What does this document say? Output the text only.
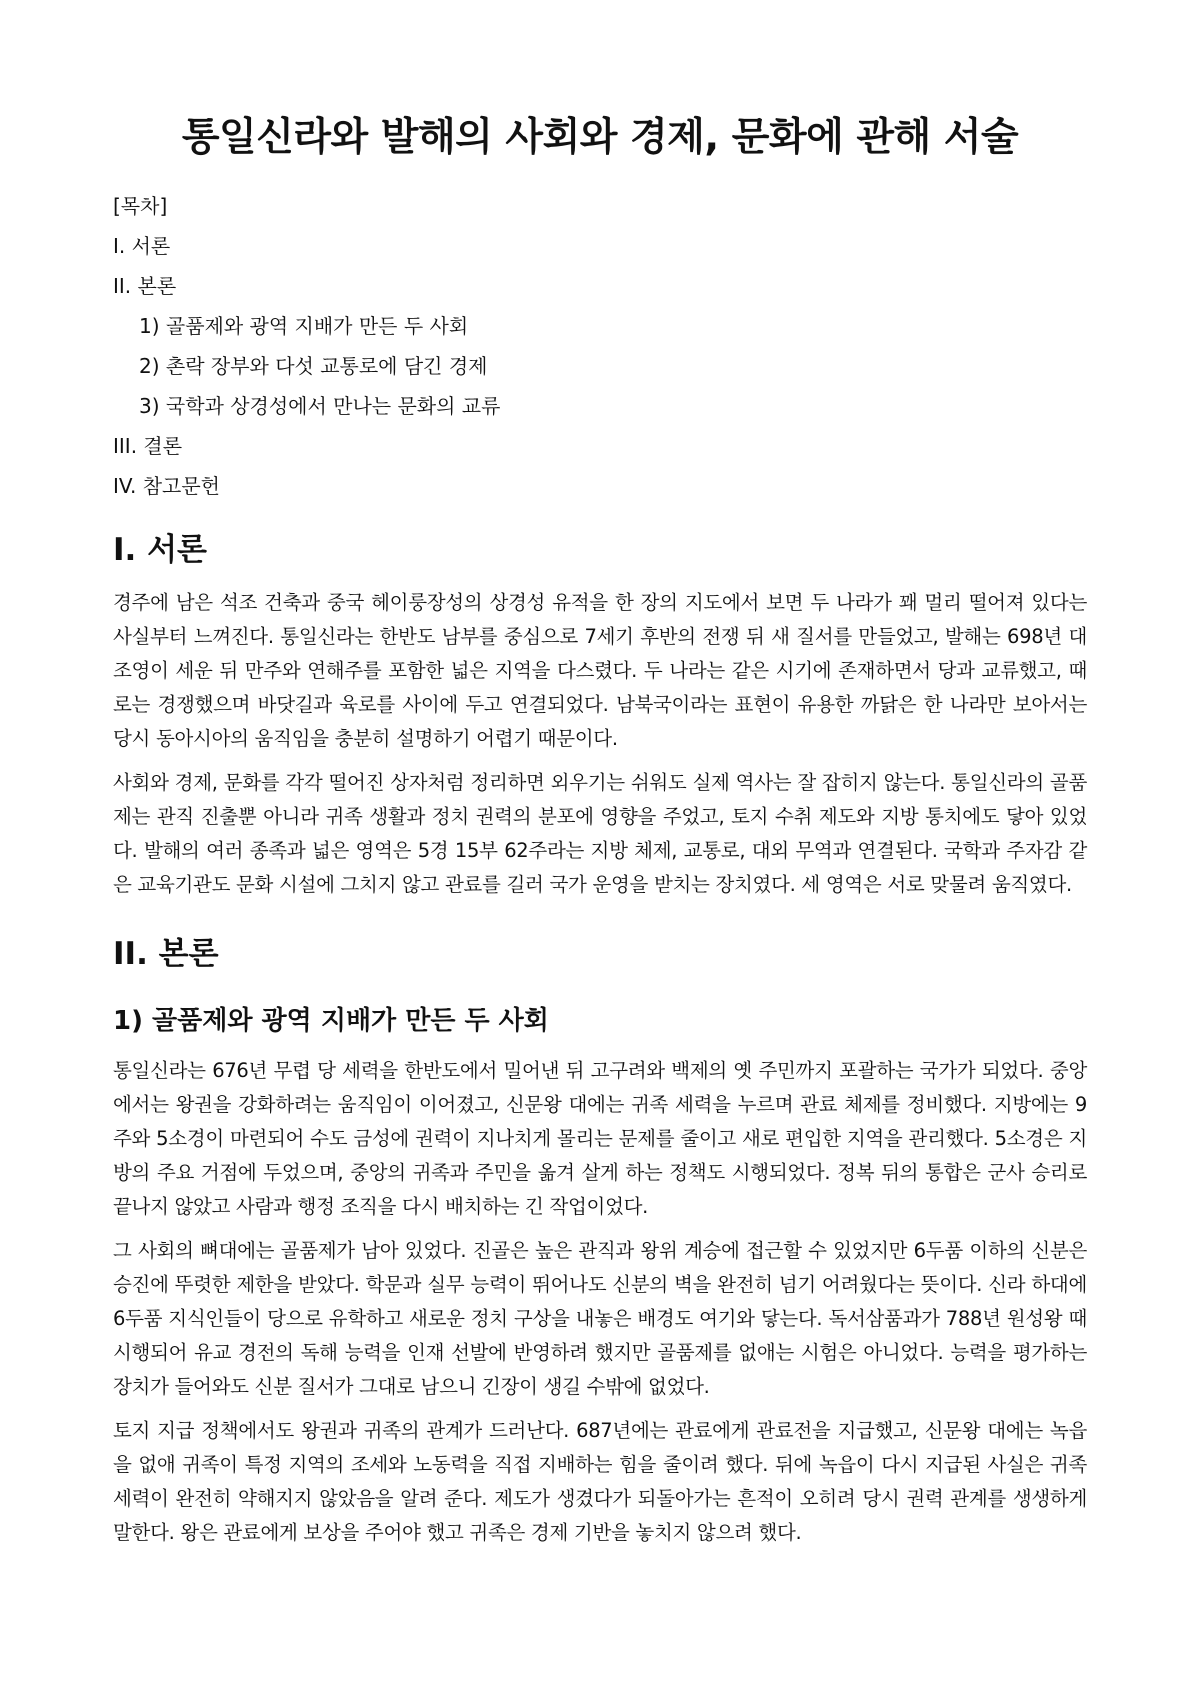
통일신라와 발해의 사회와 경제, 문화에 관해 서술
[목차]
I. 서론
II. 본론
1) 골품제와 광역 지배가 만든 두 사회
2) 촌락 장부와 다섯 교통로에 담긴 경제
3) 국학과 상경성에서 만나는 문화의 교류
III. 결론
IV. 참고문헌
I. 서론

경주에 남은 석조 건축과 중국 헤이룽장성의 상경성 유적을 한 장의 지도에서 보면 두 나라가 꽤 멀리 떨어져 있다는 사실부터 느껴진다. 통일신라는 한반도 남부를 중심으로 7세기 후반의 전쟁 뒤 새 질서를 만들었고, 발해는 698년 대조영이 세운 뒤 만주와 연해주를 포함한 넓은 지역을 다스렸다. 두 나라는 같은 시기에 존재하면서 당과 교류했고, 때로는 경쟁했으며 바닷길과 육로를 사이에 두고 연결되었다. 남북국이라는 표현이 유용한 까닭은 한 나라만 보아서는 당시 동아시아의 움직임을 충분히 설명하기 어렵기 때문이다.

사회와 경제, 문화를 각각 떨어진 상자처럼 정리하면 외우기는 쉬워도 실제 역사는 잘 잡히지 않는다. 통일신라의 골품제는 관직 진출뿐 아니라 귀족 생활과 정치 권력의 분포에 영향을 주었고, 토지 수취 제도와 지방 통치에도 닿아 있었다. 발해의 여러 종족과 넓은 영역은 5경 15부 62주라는 지방 체제, 교통로, 대외 무역과 연결된다. 국학과 주자감 같은 교육기관도 문화 시설에 그치지 않고 관료를 길러 국가 운영을 받치는 장치였다. 세 영역은 서로 맞물려 움직였다.

II. 본론
1) 골품제와 광역 지배가 만든 두 사회

통일신라는 676년 무렵 당 세력을 한반도에서 밀어낸 뒤 고구려와 백제의 옛 주민까지 포괄하는 국가가 되었다. 중앙에서는 왕권을 강화하려는 움직임이 이어졌고, 신문왕 대에는 귀족 세력을 누르며 관료 체제를 정비했다. 지방에는 9주와 5소경이 마련되어 수도 금성에 권력이 지나치게 몰리는 문제를 줄이고 새로 편입한 지역을 관리했다. 5소경은 지방의 주요 거점에 두었으며, 중앙의 귀족과 주민을 옮겨 살게 하는 정책도 시행되었다. 정복 뒤의 통합은 군사 승리로 끝나지 않았고 사람과 행정 조직을 다시 배치하는 긴 작업이었다.

그 사회의 뼈대에는 골품제가 남아 있었다. 진골은 높은 관직과 왕위 계승에 접근할 수 있었지만 6두품 이하의 신분은 승진에 뚜렷한 제한을 받았다. 학문과 실무 능력이 뛰어나도 신분의 벽을 완전히 넘기 어려웠다는 뜻이다. 신라 하대에 6두품 지식인들이 당으로 유학하고 새로운 정치 구상을 내놓은 배경도 여기와 닿는다. 독서삼품과가 788년 원성왕 때 시행되어 유교 경전의 독해 능력을 인재 선발에 반영하려 했지만 골품제를 없애는 시험은 아니었다. 능력을 평가하는 장치가 들어와도 신분 질서가 그대로 남으니 긴장이 생길 수밖에 없었다.

토지 지급 정책에서도 왕권과 귀족의 관계가 드러난다. 687년에는 관료에게 관료전을 지급했고, 신문왕 대에는 녹읍을 없애 귀족이 특정 지역의 조세와 노동력을 직접 지배하는 힘을 줄이려 했다. 뒤에 녹읍이 다시 지급된 사실은 귀족 세력이 완전히 약해지지 않았음을 알려 준다. 제도가 생겼다가 되돌아가는 흔적이 오히려 당시 권력 관계를 생생하게 말한다. 왕은 관료에게 보상을 주어야 했고 귀족은 경제 기반을 놓치지 않으려 했다.
